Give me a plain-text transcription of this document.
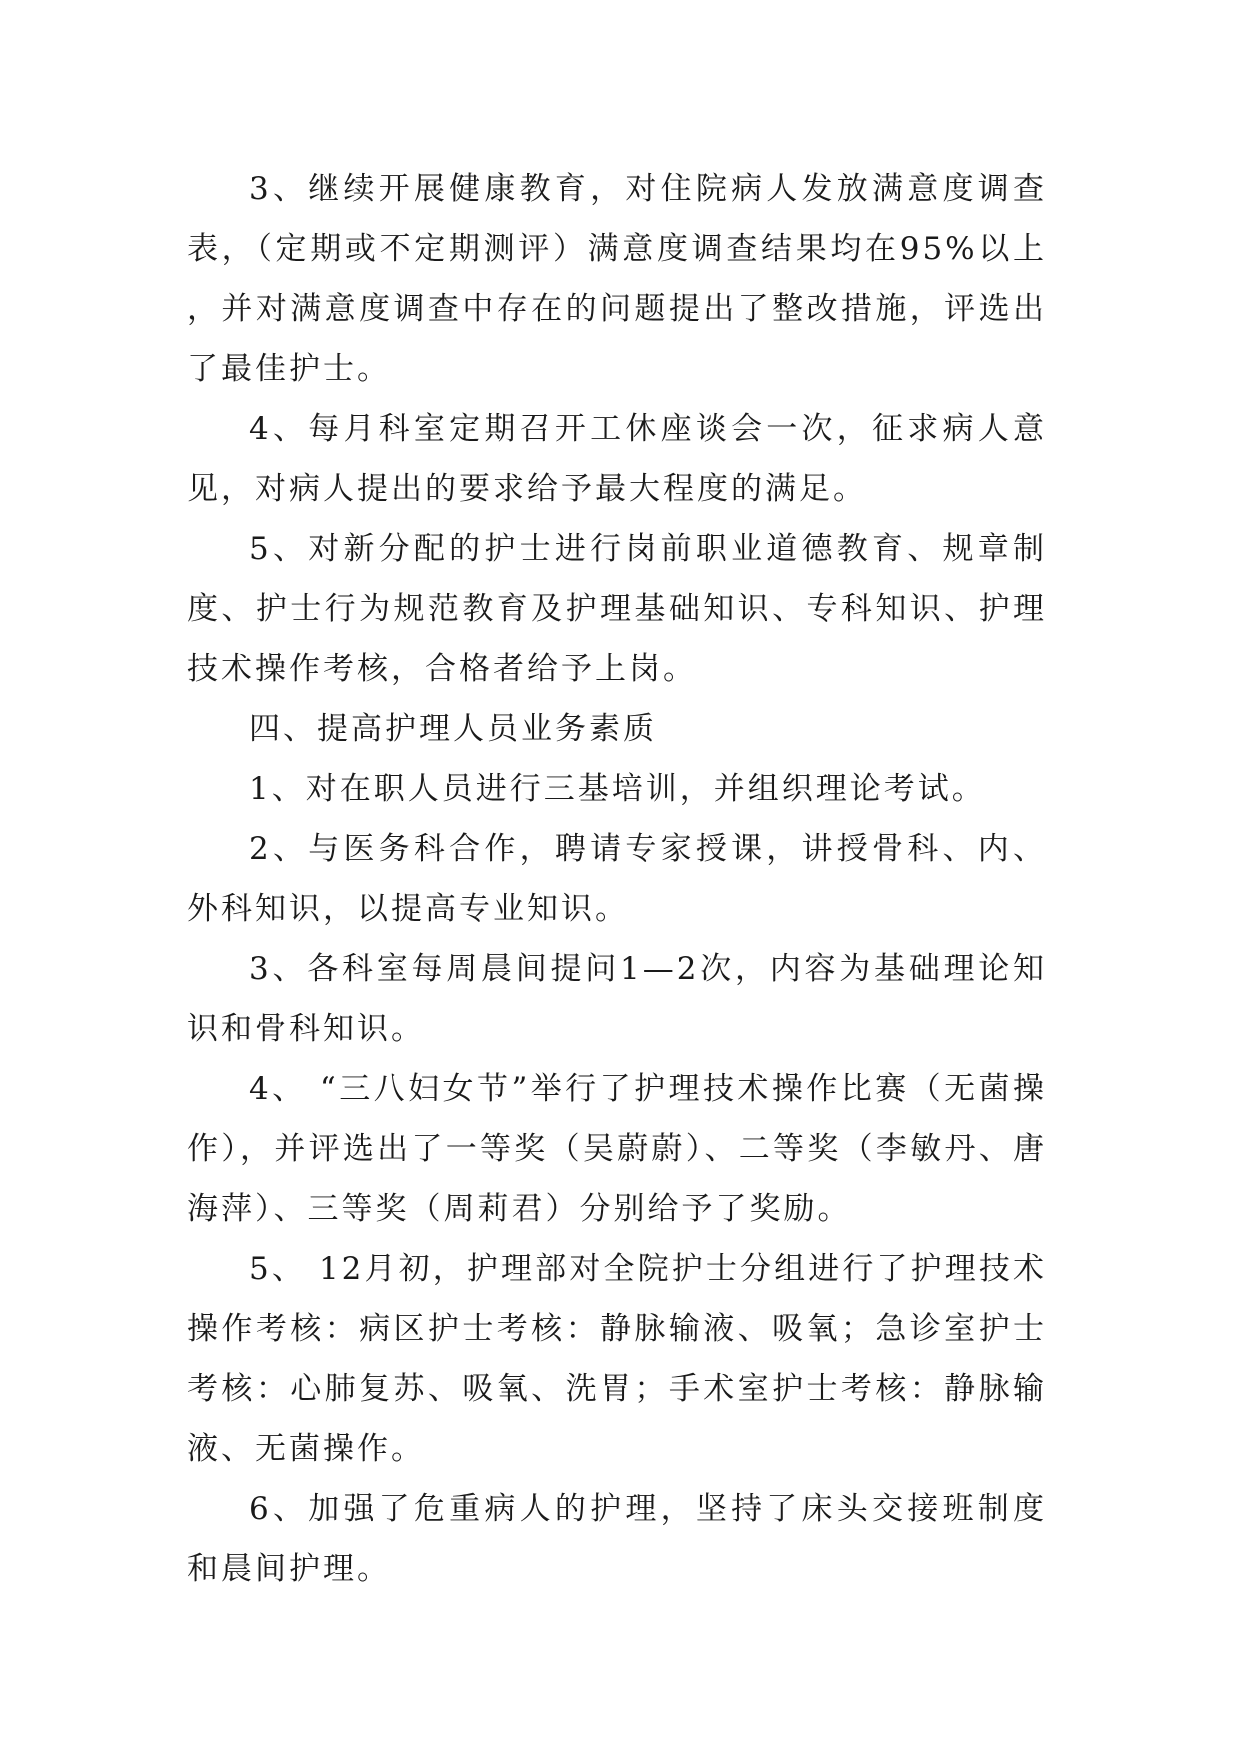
3、继续开展健康教育，对住院病人发放满意度调查表，（定期或不定期测评）满意度调查结果均在95%以上，并对满意度调查中存在的问题提出了整改措施，评选出了最佳护士。

4、每月科室定期召开工休座谈会一次，征求病人意见，对病人提出的要求给予最大程度的满足。

5、对新分配的护士进行岗前职业道德教育、规章制度、护士行为规范教育及护理基础知识、专科知识、护理技术操作考核，合格者给予上岗。

四、提高护理人员业务素质

1、对在职人员进行三基培训，并组织理论考试。

2、与医务科合作，聘请专家授课，讲授骨科、内、外科知识，以提高专业知识。

3、各科室每周晨间提问1—2次，内容为基础理论知识和骨科知识。

4、 “三八妇女节”举行了护理技术操作比赛（无菌操作），并评选出了一等奖（吴蔚蔚）、二等奖（李敏丹、唐海萍）、三等奖（周莉君）分别给予了奖励。

5、 12月初，护理部对全院护士分组进行了护理技术操作考核：病区护士考核：静脉输液、吸氧；急诊室护士考核：心肺复苏、吸氧、洗胃；手术室护士考核：静脉输液、无菌操作。

6、加强了危重病人的护理，坚持了床头交接班制度和晨间护理。
